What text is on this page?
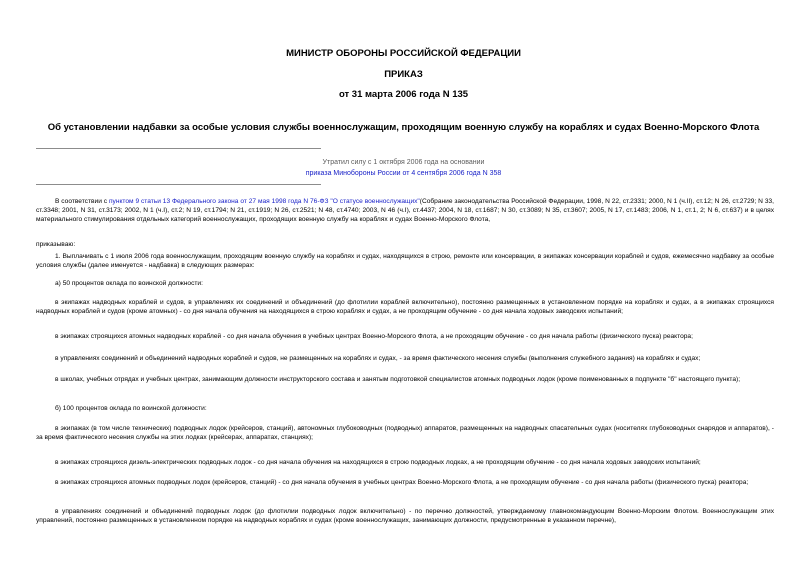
МИНИСТР ОБОРОНЫ РОССИЙСКОЙ ФЕДЕРАЦИИ
ПРИКАЗ
от 31 марта 2006 года N 135
Об установлении надбавки за особые условия службы военнослужащим, проходящим военную службу на кораблях и судах Военно-Морского Флота
Утратил силу с 1 октября 2006 года на основании
приказа Минобороны России от 4 сентября 2006 года N 358
В соответствии с пунктом 9 статьи 13 Федерального закона от 27 мая 1998 года N 76-ФЗ "О статусе военнослужащих"(Собрание законодательства Российской Федерации, 1998, N 22, ст.2331; 2000, N 1 (ч.II), ст.12; N 26, ст.2729; N 33, ст.3348; 2001, N 31, ст.3173; 2002, N 1 (ч.I), ст.2; N 19, ст.1794; N 21, ст.1919; N 26, ст.2521; N 48, ст.4740; 2003, N 46 (ч.I), ст.4437; 2004, N 18, ст.1687; N 30, ст.3089; N 35, ст.3607; 2005, N 17, ст.1483; 2006, N 1, ст.1, 2; N 6, ст.637) и в целях материального стимулирования отдельных категорий военнослужащих, проходящих военную службу на кораблях и судах Военно-Морского Флота,
приказываю:
1. Выплачивать с 1 июля 2006 года военнослужащим, проходящим военную службу на кораблях и судах, находящихся в строю, ремонте или консервации, в экипажах консервации кораблей и судов, ежемесячно надбавку за особые условия службы (далее именуется - надбавка) в следующих размерах:
а) 50 процентов оклада по воинской должности:
в экипажах надводных кораблей и судов, в управлениях их соединений и объединений (до флотилии кораблей включительно), постоянно размещенных в установленном порядке на кораблях и судах, а в экипажах строящихся надводных кораблей и судов (кроме атомных) - со дня начала обучения на находящихся в строю кораблях и судах, а не проходящим обучение - со дня начала ходовых заводских испытаний;
в экипажах строящихся атомных надводных кораблей - со дня начала обучения в учебных центрах Военно-Морского Флота, а не проходящим обучение - со дня начала работы (физического пуска) реактора;
в управлениях соединений и объединений надводных кораблей и судов, не размещенных на кораблях и судах, - за время фактического несения службы (выполнения служебного задания) на кораблях и судах;
в школах, учебных отрядах и учебных центрах, занимающим должности инструкторского состава и занятым подготовкой специалистов атомных подводных лодок (кроме поименованных в подпункте "б" настоящего пункта);
б) 100 процентов оклада по воинской должности:
в экипажах (в том числе технических) подводных лодок (крейсеров, станций), автономных глубоководных (подводных) аппаратов, размещенных на надводных спасательных судах (носителях глубоководных снарядов и аппаратов), - за время фактического несения службы на этих лодках (крейсерах, аппаратах, станциях);
в экипажах строящихся дизель-электрических подводных лодок - со дня начала обучения на находящихся в строю подводных лодках, а не проходящим обучение - со дня начала ходовых заводских испытаний;
в экипажах строящихся атомных подводных лодок (крейсеров, станций) - со дня начала обучения в учебных центрах Военно-Морского Флота, а не проходящим обучение - со дня начала работы (физического пуска) реактора;
в управлениях соединений и объединений подводных лодок (до флотилии подводных лодок включительно) - по перечню должностей, утверждаемому главнокомандующим Военно-Морским Флотом. Военнослужащим этих управлений, постоянно размещенных в установленном порядке на надводных кораблях и судах (кроме военнослужащих, занимающих должности, предусмотренные в указанном перечне),
